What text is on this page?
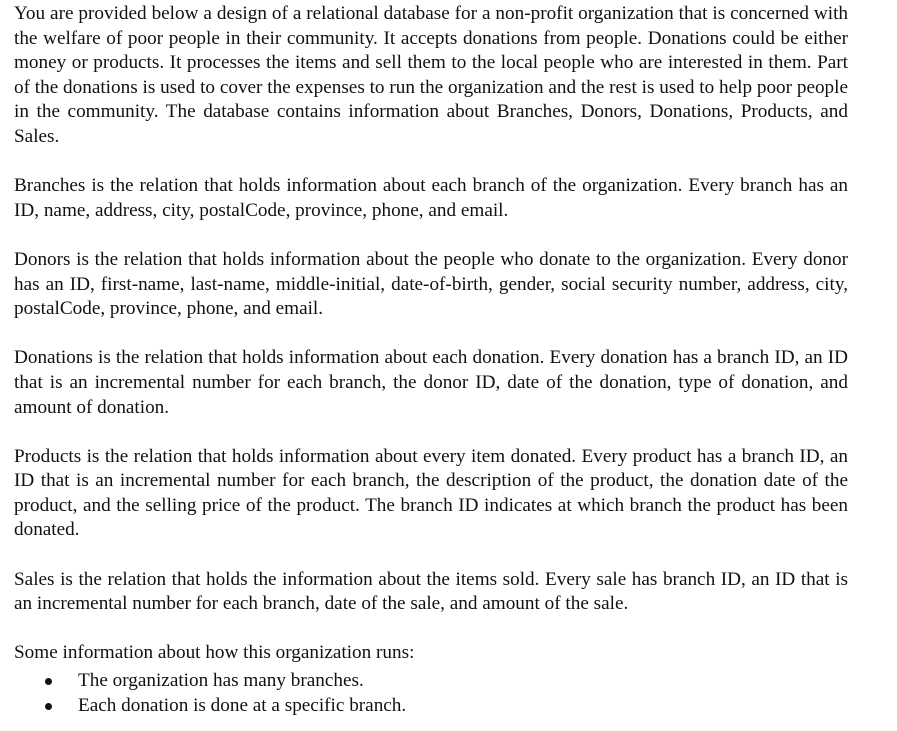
You are provided below a design of a relational database for a non-profit organization that is concerned with the welfare of poor people in their community. It accepts donations from people. Donations could be either money or products. It processes the items and sell them to the local people who are interested in them. Part of the donations is used to cover the expenses to run the organization and the rest is used to help poor people in the community. The database contains information about Branches, Donors, Donations, Products, and Sales.

Branches is the relation that holds information about each branch of the organization. Every branch has an ID, name, address, city, postalCode, province, phone, and email.

Donors is the relation that holds information about the people who donate to the organization. Every donor has an ID, first-name, last-name, middle-initial, date-of-birth, gender, social security number, address, city, postalCode, province, phone, and email.

Donations is the relation that holds information about each donation. Every donation has a branch ID, an ID that is an incremental number for each branch, the donor ID, date of the donation, type of donation, and amount of donation.

Products is the relation that holds information about every item donated. Every product has a branch ID, an ID that is an incremental number for each branch, the description of the product, the donation date of the product, and the selling price of the product. The branch ID indicates at which branch the product has been donated.

Sales is the relation that holds the information about the items sold. Every sale has branch ID, an ID that is an incremental number for each branch, date of the sale, and amount of the sale.

Some information about how this organization runs:

The organization has many branches.
Each donation is done at a specific branch.
